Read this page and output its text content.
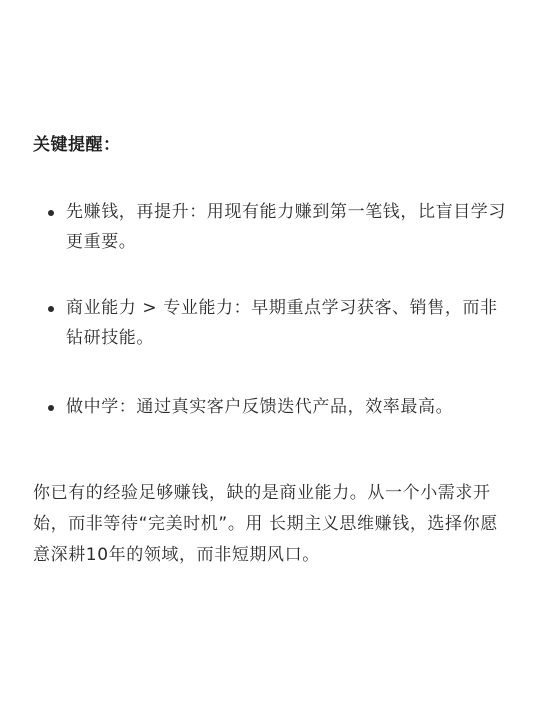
关键提醒：
先赚钱，再提升：用现有能力赚到第一笔钱，比盲目学习更重要。
商业能力 > 专业能力：早期重点学习获客、销售，而非钻研技能。
做中学：通过真实客户反馈迭代产品，效率最高。
你已有的经验足够赚钱，缺的是商业能力。从一个小需求开始，而非等待“完美时机”。用 长期主义思维赚钱，选择你愿意深耕10年的领域，而非短期风口。
